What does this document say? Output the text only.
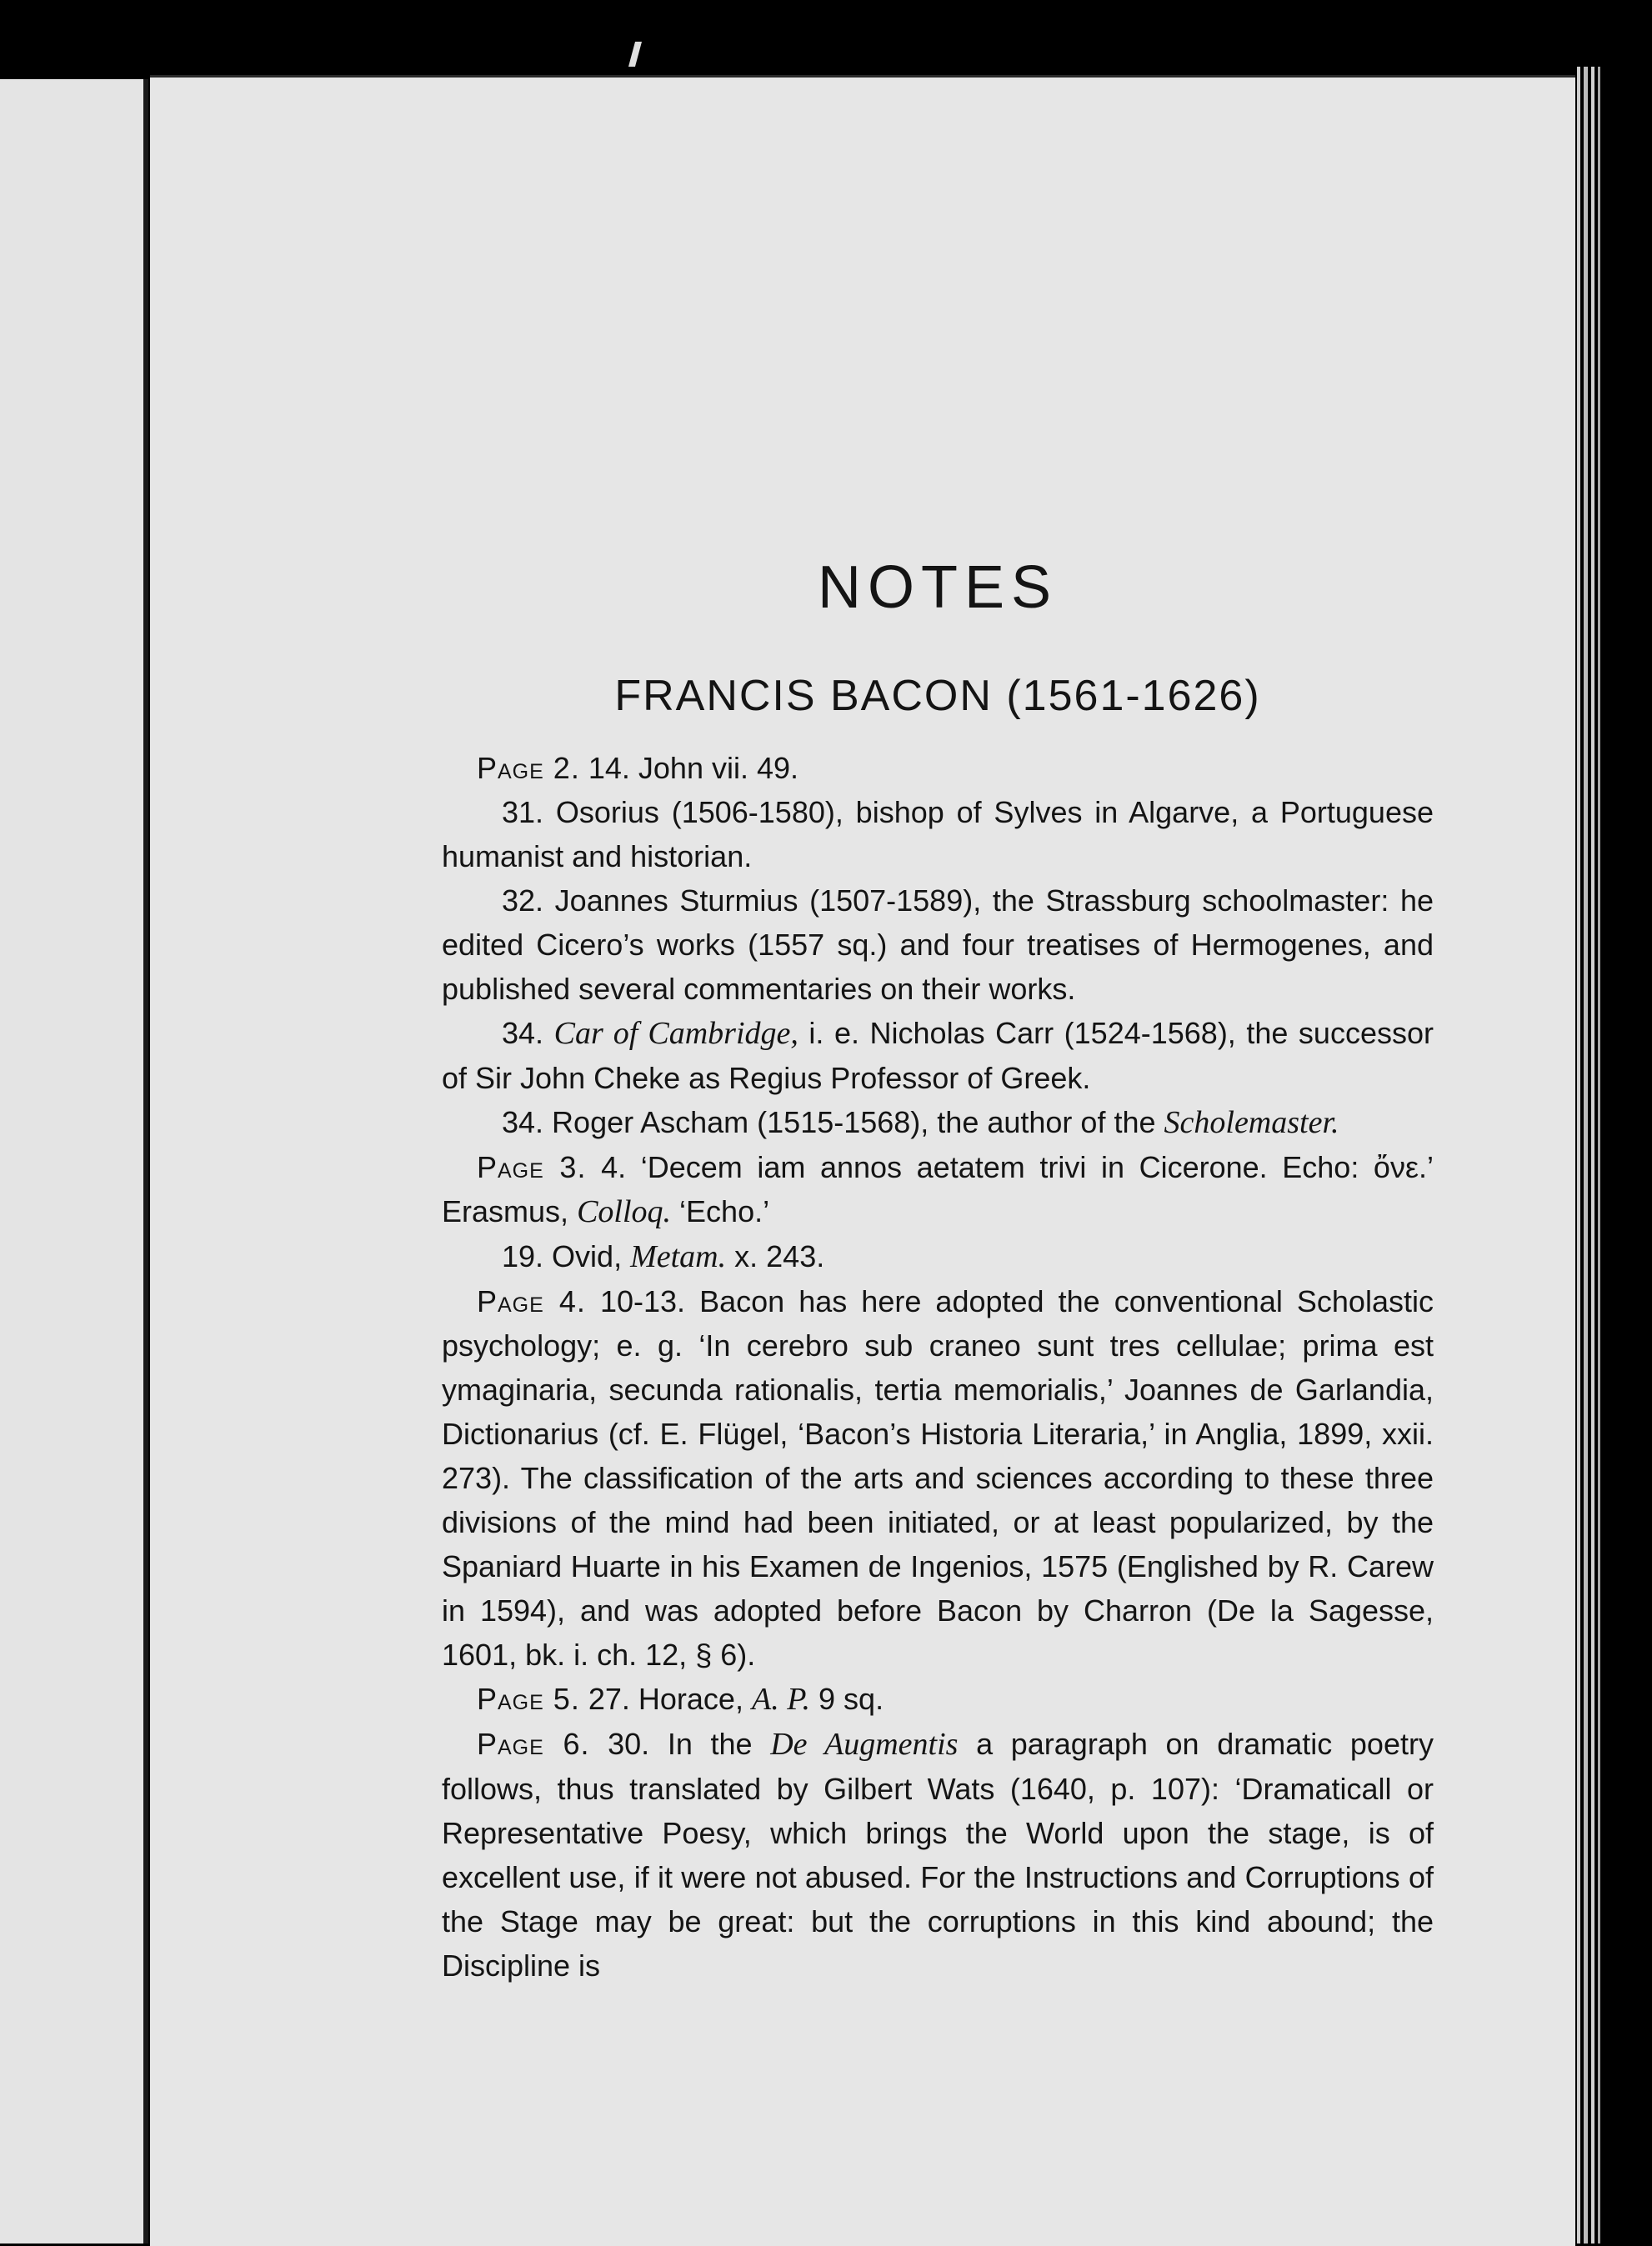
NOTES
FRANCIS BACON (1561-1626)

Page 2. 14. John vii. 49.

31. Osorius (1506-1580), bishop of Sylves in Algarve, a Portuguese humanist and historian.

32. Joannes Sturmius (1507-1589), the Strassburg schoolmaster: he edited Cicero’s works (1557 sq.) and four treatises of Hermogenes, and published several commentaries on their works.

34. Car of Cambridge, i. e. Nicholas Carr (1524-1568), the successor of Sir John Cheke as Regius Professor of Greek.

34. Roger Ascham (1515-1568), the author of the Scholemaster.

Page 3. 4. ‘Decem iam annos aetatem trivi in Cicerone. Echo: ὄνε.’ Erasmus, Colloq. ‘Echo.’

19. Ovid, Metam. x. 243.

Page 4. 10-13. Bacon has here adopted the conventional Scholastic psychology; e. g. ‘In cerebro sub craneo sunt tres cellulae; prima est ymaginaria, secunda rationalis, tertia memorialis,’ Joannes de Garlandia, Dictionarius (cf. E. Flügel, ‘Bacon’s Historia Literaria,’ in Anglia, 1899, xxii. 273). The classification of the arts and sciences according to these three divisions of the mind had been initiated, or at least popularized, by the Spaniard Huarte in his Examen de Ingenios, 1575 (Englished by R. Carew in 1594), and was adopted before Bacon by Charron (De la Sagesse, 1601, bk. i. ch. 12, § 6).

Page 5. 27. Horace, A. P. 9 sq.

Page 6. 30. In the De Augmentis a paragraph on dramatic poetry follows, thus translated by Gilbert Wats (1640, p. 107): ‘Dramaticall or Representative Poesy, which brings the World upon the stage, is of excellent use, if it were not abused. For the Instructions and Corruptions of the Stage may be great: but the corruptions in this kind abound; the Discipline is
